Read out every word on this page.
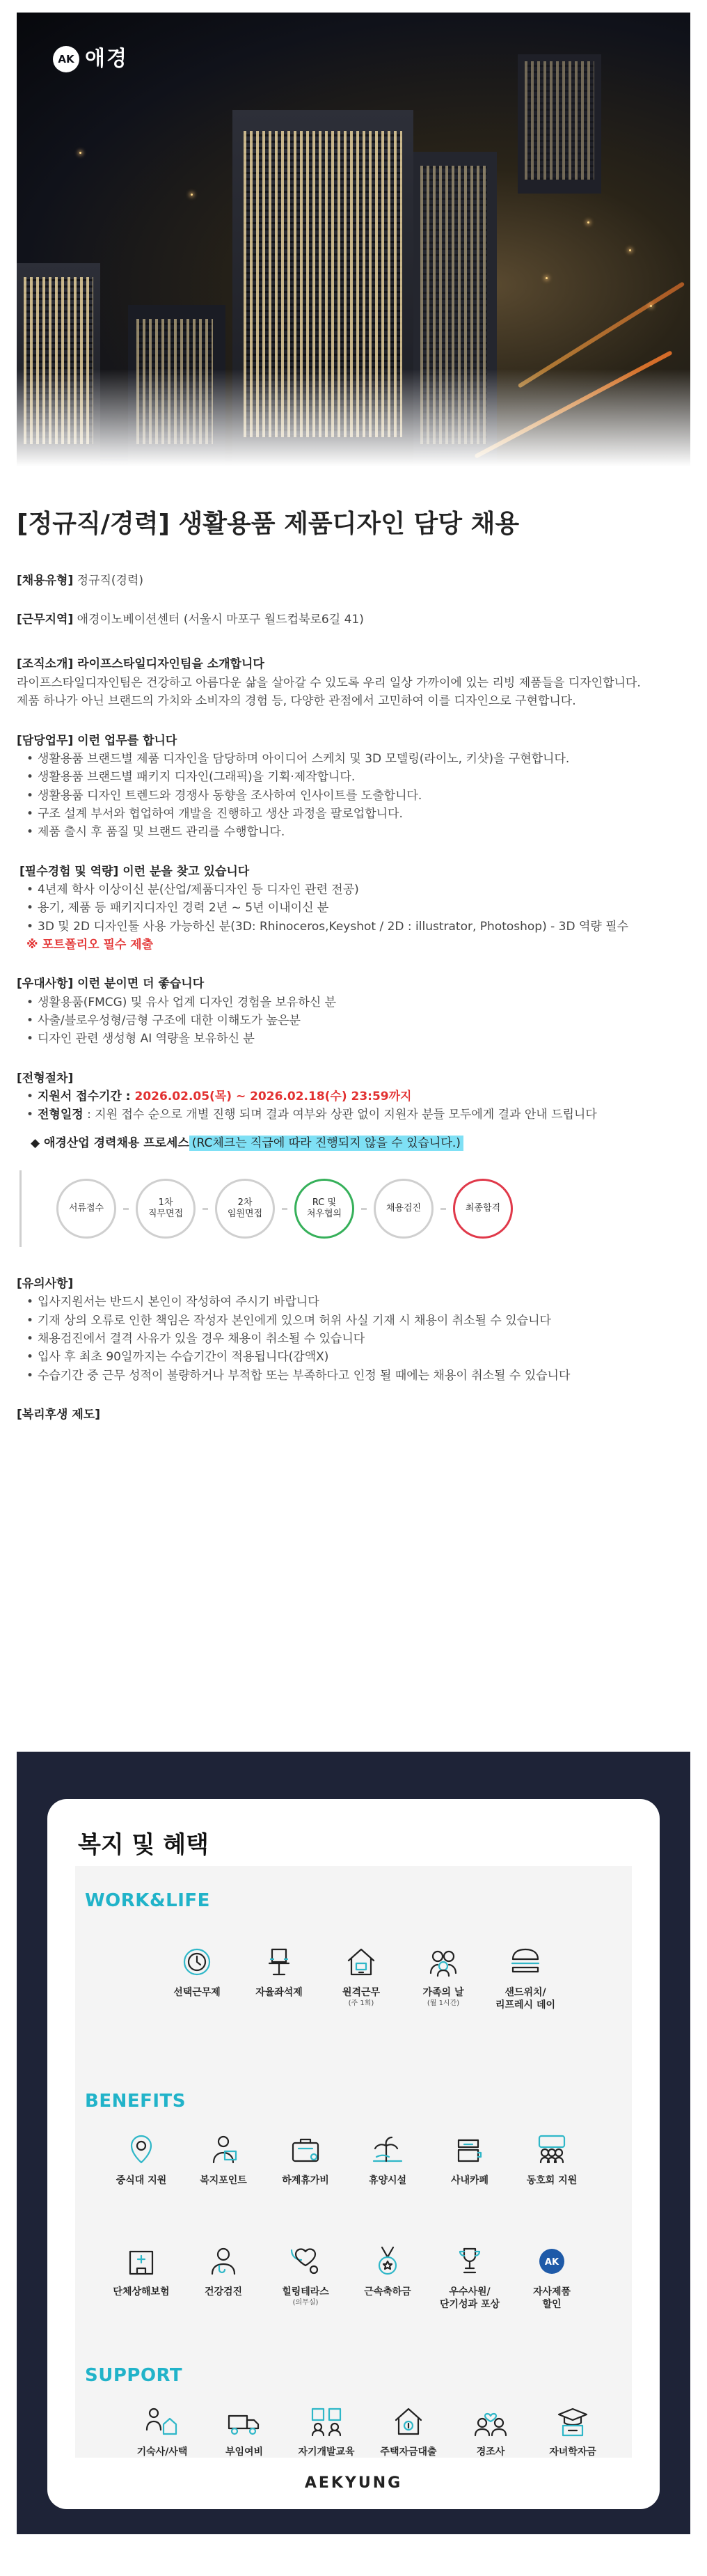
AK 애경
[정규직/경력] 생활용품 제품디자인 담당 채용
[채용유형] 정규직(경력)
[근무지역] 애경이노베이션센터 (서울시 마포구 월드컵북로6길 41)
[조직소개] 라이프스타일디자인팀을 소개합니다
라이프스타일디자인팀은 건강하고 아름다운 삶을 살아갈 수 있도록 우리 일상 가까이에 있는 리빙 제품들을 디자인합니다.
제품 하나가 아닌 브랜드의 가치와 소비자의 경험 등, 다양한 관점에서 고민하여 이를 디자인으로 구현합니다.
[담당업무] 이런 업무를 합니다
• 생활용품 브랜드별 제품 디자인을 담당하며 아이디어 스케치 및 3D 모델링(라이노, 키샷)을 구현합니다.
• 생활용품 브랜드별 패키지 디자인(그래픽)을 기획·제작합니다.
• 생활용품 디자인 트렌드와 경쟁사 동향을 조사하여 인사이트를 도출합니다.
• 구조 설계 부서와 협업하여 개발을 진행하고 생산 과정을 팔로업합니다.
• 제품 출시 후 품질 및 브랜드 관리를 수행합니다.
[필수경험 및 역량] 이런 분을 찾고 있습니다
• 4년제 학사 이상이신 분(산업/제품디자인 등 디자인 관련 전공)
• 용기, 제품 등 패키지디자인 경력 2년 ~ 5년 이내이신 분
• 3D 및 2D 디자인툴 사용 가능하신 분(3D: Rhinoceros,Keyshot / 2D : illustrator, Photoshop) - 3D 역량 필수
※ 포트폴리오 필수 제출
[우대사항] 이런 분이면 더 좋습니다
• 생활용품(FMCG) 및 유사 업계 디자인 경험을 보유하신 분
• 사출/블로우성형/금형 구조에 대한 이해도가 높은분
• 디자인 관련 생성형 AI 역량을 보유하신 분
[전형절차]
• 지원서 접수기간 : 2026.02.05(목) ~ 2026.02.18(수) 23:59까지
• 전형일정 : 지원 접수 순으로 개별 진행 되며 결과 여부와 상관 없이 지원자 분들 모두에게 결과 안내 드립니다
◆ 애경산업 경력채용 프로세스 (RC체크는 직급에 따라 진행되지 않을 수 있습니다.)
서류접수
1차
직무면접
2차
임원면접
RC 및
처우협의
채용검진	최종합격
[유의사항]
• 입사지원서는 반드시 본인이 작성하여 주시기 바랍니다
• 기재 상의 오류로 인한 책임은 작성자 본인에게 있으며 허위 사실 기재 시 채용이 취소될 수 있습니다
• 채용검진에서 결격 사유가 있을 경우 채용이 취소될 수 있습니다
• 입사 후 최초 90일까지는 수습기간이 적용됩니다(감액X)
• 수습기간 중 근무 성적이 불량하거나 부적합 또는 부족하다고 인정 될 때에는 채용이 취소될 수 있습니다
[복리후생 제도]
복지 및 혜택
WORK&LIFE
선택근무제	자율좌석제	원격근무

(주 1회)
가족의 날

(월 1시간)
샌드위치/
리프레시 데이
BENEFITS
중식대 지원	복지포인트	하계휴가비	휴양시설	사내카페	동호회 지원
단체상해보험	건강검진	힐링테라스

(의무실)
근속축하금	우수사원/
단기성과 포상
AK
자사제품
할인
SUPPORT
기숙사/사택	부임여비	자기개발교육	주택자금대출	경조사	자녀학자금
AEKYUNG
